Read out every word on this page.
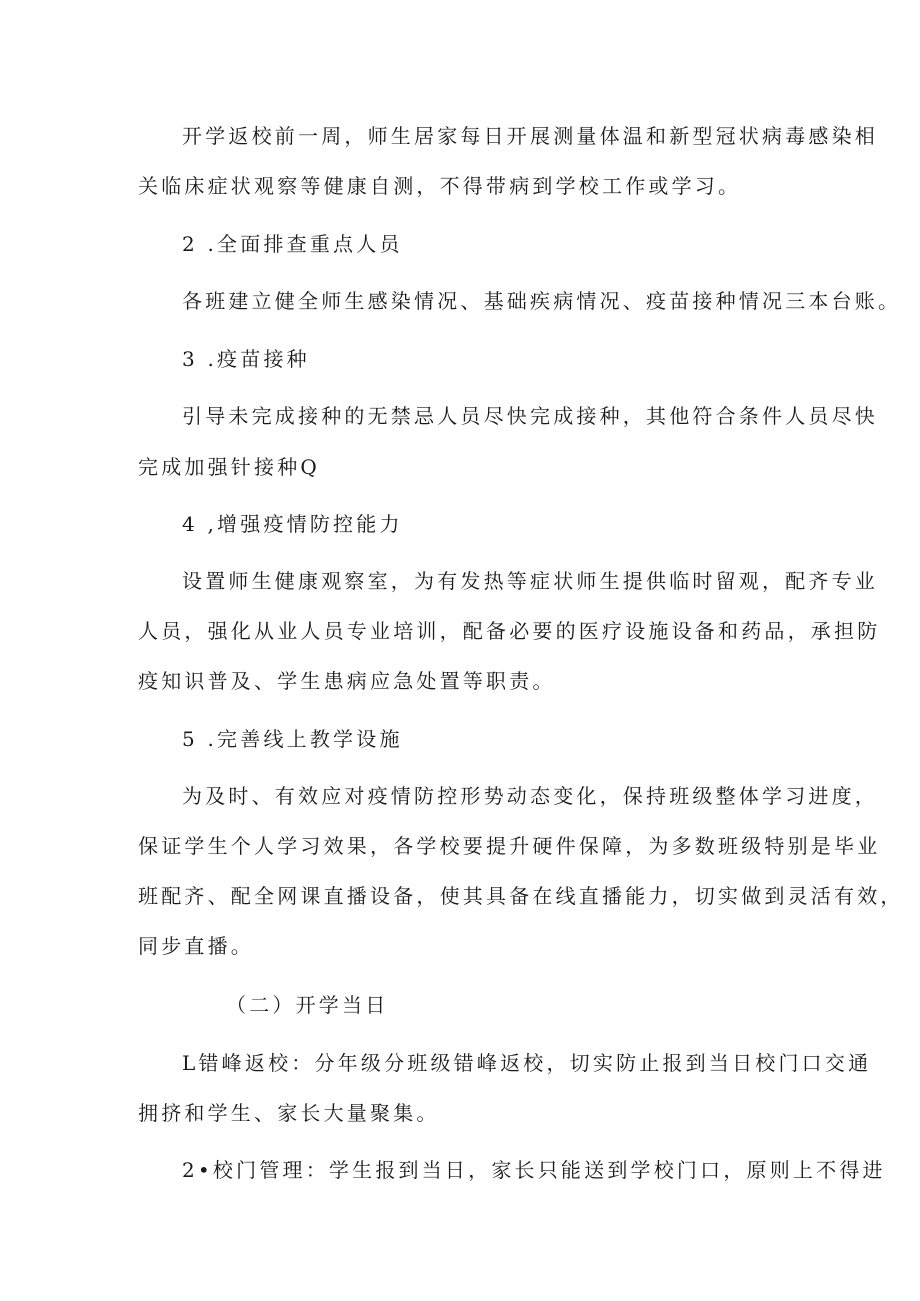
开学返校前一周，师生居家每日开展测量体温和新型冠状病毒感染相
关临床症状观察等健康自测，不得带病到学校工作或学习。
2 .全面排查重点人员
各班建立健全师生感染情况、基础疾病情况、疫苗接种情况三本台账。
3 .疫苗接种
引导未完成接种的无禁忌人员尽快完成接种，其他符合条件人员尽快
完成加强针接种Q
4 ,增强疫情防控能力
设置师生健康观察室，为有发热等症状师生提供临时留观，配齐专业
人员，强化从业人员专业培训，配备必要的医疗设施设备和药品，承担防
疫知识普及、学生患病应急处置等职责。
5 .完善线上教学设施
为及时、有效应对疫情防控形势动态变化，保持班级整体学习进度，
保证学生个人学习效果，各学校要提升硬件保障，为多数班级特别是毕业
班配齐、配全网课直播设备，使其具备在线直播能力，切实做到灵活有效，
同步直播。
（二）开学当日
L错峰返校：分年级分班级错峰返校，切实防止报到当日校门口交通
拥挤和学生、家长大量聚集。
2•校门管理：学生报到当日，家长只能送到学校门口，原则上不得进
